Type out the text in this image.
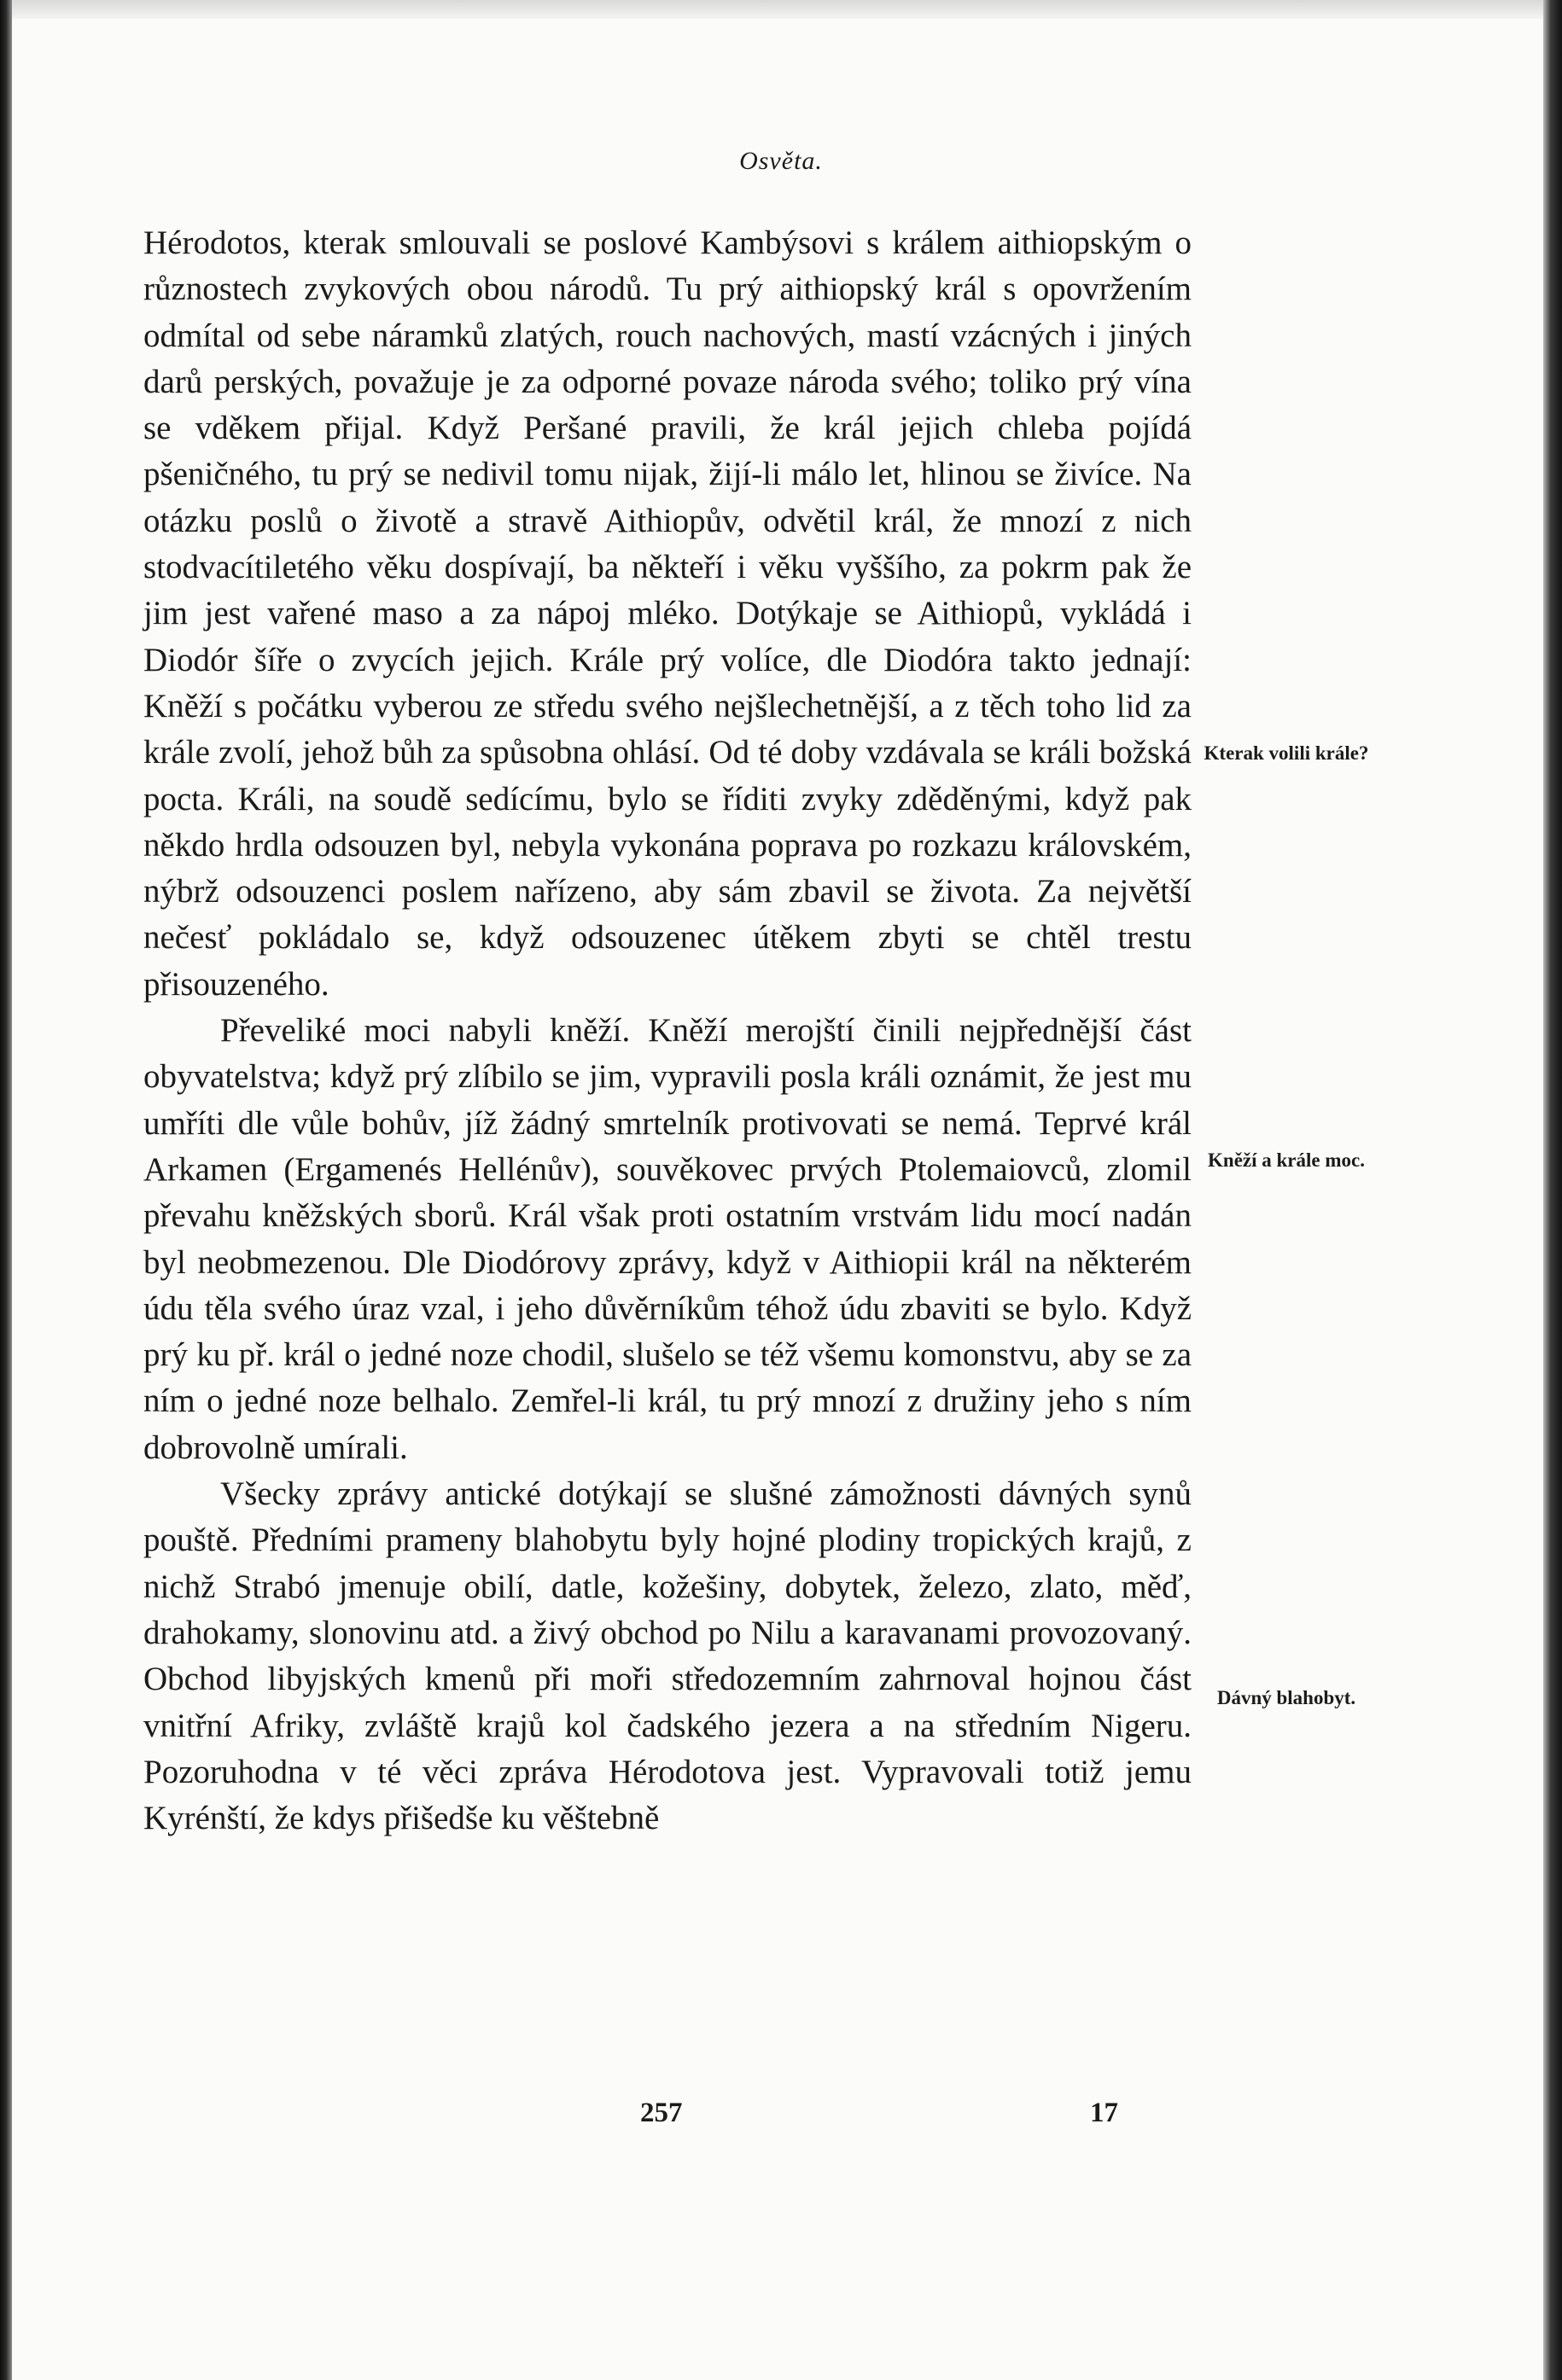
Osvěta.

Hérodotos, kterak smlouvali se poslové Kambýsovi s králem aithiopským o různostech zvykových obou národů. Tu prý aithiopský král s opovržením odmítal od sebe náramků zlatých, rouch nachových, mastí vzácných i jiných darů perských, považuje je za odporné povaze národa svého; toliko prý vína se vděkem přijal. Když Peršané pravili, že král jejich chleba pojídá pšeničného, tu prý se nedivil tomu nijak, žijí-li málo let, hlinou se živíce. Na otázku poslů o životě a stravě Aithiopův, odvětil král, že mnozí z nich stodvacítiletého věku dospívají, ba někteří i věku vyššího, za pokrm pak že jim jest vařené maso a za nápoj mléko. Dotýkaje se Aithiopů, vykládá i Diodór šíře o zvycích jejich. Krále prý volíce, dle Diodóra takto jednají: Kněží s počátku vyberou ze středu svého nejšlechetnější, a z těch toho lid za krále zvolí, jehož bůh za spůsobna ohlásí. Od té doby vzdávala se králi božská pocta. Králi, na soudě sedícímu, bylo se říditi zvyky zděděnými, když pak někdo hrdla odsouzen byl, nebyla vykonána poprava po rozkazu královském, nýbrž odsouzenci poslem nařízeno, aby sám zbavil se života. Za největší nečesť pokládalo se, když odsouzenec útěkem zbyti se chtěl trestu přisouzeného.

Převeliké moci nabyli kněží. Kněží merojští činili nejpřednější část obyvatelstva; když prý zlíbilo se jim, vypravili posla králi oznámit, že jest mu umříti dle vůle bohův, jíž žádný smrtelník protivovati se nemá. Teprvé král Arkamen (Ergamenés Hellénův), souvěkovec prvých Ptolemaiovců, zlomil převahu kněžských sborů. Král však proti ostatním vrstvám lidu mocí nadán byl neobmezenou. Dle Diodórovy zprávy, když v Aithiopii král na některém údu těla svého úraz vzal, i jeho důvěrníkům téhož údu zbaviti se bylo. Když prý ku př. král o jedné noze chodil, slušelo se též všemu komonstvu, aby se za ním o jedné noze belhalo. Zemřel-li král, tu prý mnozí z družiny jeho s ním dobrovolně umírali.

Všecky zprávy antické dotýkají se slušné zámožnosti dávných synů pouště. Předními prameny blahobytu byly hojné plodiny tropických krajů, z nichž Strabó jmenuje obilí, datle, kožešiny, dobytek, železo, zlato, měď, drahokamy, slonovinu atd. a živý obchod po Nilu a karavanami provozovaný. Obchod libyjských kmenů při moři středozemním zahrnoval hojnou část vnitřní Afriky, zvláště krajů kol čadského jezera a na středním Nigeru. Pozoruhodna v té věci zpráva Hérodotova jest. Vypravovali totiž jemu Kyrénští, že kdys přišedše ku věštebně

Kterak volili krále?
Kněží a krále moc.
Dávný blahobyt.
257	17
